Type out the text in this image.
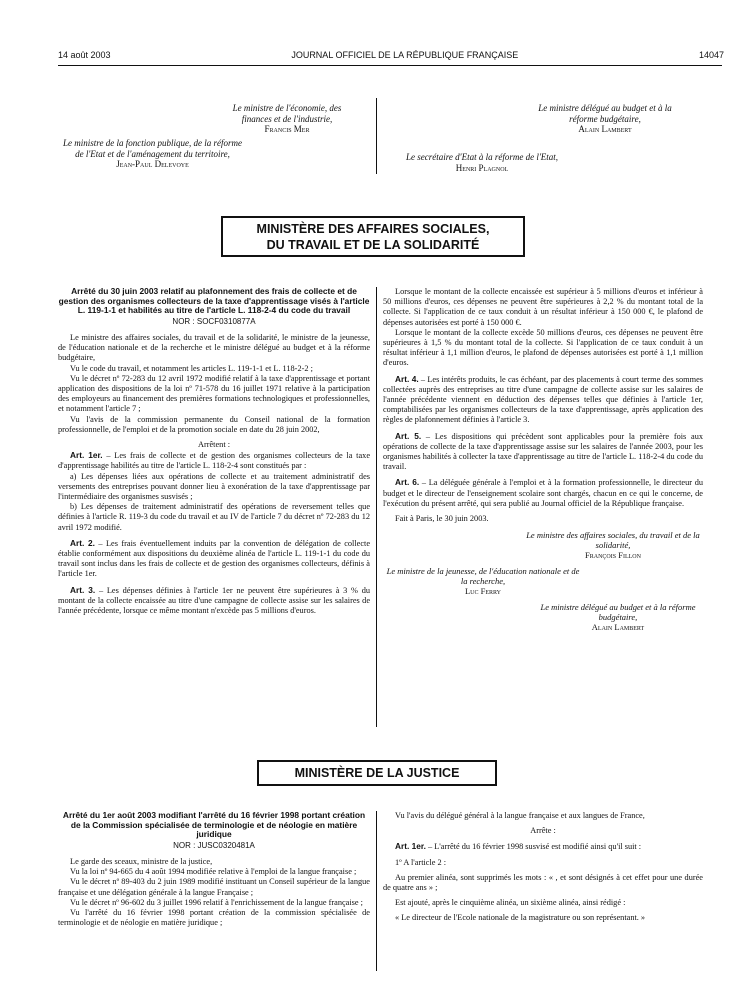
14 août 2003	JOURNAL OFFICIEL DE LA RÉPUBLIQUE FRANÇAISE	14047
Le ministre de l'économie, des finances et de l'industrie,
Francis Mer
Le ministre de la fonction publique, de la réforme de l'Etat et de l'aménagement du territoire,
Jean-Paul Delevoye
Le ministre délégué au budget et à la réforme budgétaire,
Alain Lambert
Le secrétaire d'Etat à la réforme de l'Etat,
Henri Plagnol
MINISTÈRE DES AFFAIRES SOCIALES,
DU TRAVAIL ET DE LA SOLIDARITÉ

Arrêté du 30 juin 2003 relatif au plafonnement des frais de collecte et de gestion des organismes collecteurs de la taxe d'apprentissage visés à l'article L. 119-1-1 et habilités au titre de l'article L. 118-2-4 du code du travail

NOR : SOCF0310877A

Le ministre des affaires sociales, du travail et de la solidarité, le ministre de la jeunesse, de l'éducation nationale et de la recherche et le ministre délégué au budget et à la réforme budgétaire,

Vu le code du travail, et notamment les articles L. 119-1-1 et L. 118-2-2 ;

Vu le décret nº 72-283 du 12 avril 1972 modifié relatif à la taxe d'apprentissage et portant application des dispositions de la loi nº 71-578 du 16 juillet 1971 relative à la participation des employeurs au financement des premières formations technologiques et professionnelles, et notamment l'article 7 ;

Vu l'avis de la commission permanente du Conseil national de la formation professionnelle, de l'emploi et de la promotion sociale en date du 28 juin 2002,

Arrêtent :

Art. 1er. – Les frais de collecte et de gestion des organismes collecteurs de la taxe d'apprentissage habilités au titre de l'article L. 118-2-4 sont constitués par :

a) Les dépenses liées aux opérations de collecte et au traitement administratif des versements des entreprises pouvant donner lieu à exonération de la taxe d'apprentissage par l'intermédiaire des organismes susvisés ;

b) Les dépenses de traitement administratif des opérations de reversement telles que définies à l'article R. 119-3 du code du travail et au IV de l'article 7 du décret nº 72-283 du 12 avril 1972 modifié.

Art. 2. – Les frais éventuellement induits par la convention de délégation de collecte établie conformément aux dispositions du deuxième alinéa de l'article L. 119-1-1 du code du travail sont inclus dans les frais de collecte et de gestion des organismes collecteurs, définis à l'article 1er.

Art. 3. – Les dépenses définies à l'article 1er ne peuvent être supérieures à 3 % du montant de la collecte encaissée au titre d'une campagne de collecte assise sur les salaires de l'année précédente, lorsque ce même montant n'excède pas 5 millions d'euros.

Lorsque le montant de la collecte encaissée est supérieur à 5 millions d'euros et inférieur à 50 millions d'euros, ces dépenses ne peuvent être supérieures à 2,2 % du montant total de la collecte. Si l'application de ce taux conduit à un résultat inférieur à 150 000 €, le plafond de dépenses autorisées est porté à 150 000 €.

Lorsque le montant de la collecte excède 50 millions d'euros, ces dépenses ne peuvent être supérieures à 1,5 % du montant total de la collecte. Si l'application de ce taux conduit à un résultat inférieur à 1,1 million d'euros, le plafond de dépenses autorisées est porté à 1,1 million d'euros.

Art. 4. – Les intérêts produits, le cas échéant, par des placements à court terme des sommes collectées auprès des entreprises au titre d'une campagne de collecte assise sur les salaires de l'année précédente viennent en déduction des dépenses telles que définies à l'article 1er, comptabilisées par les organismes collecteurs de la taxe d'apprentissage, après application des règles de plafonnement définies à l'article 3.

Art. 5. – Les dispositions qui précèdent sont applicables pour la première fois aux opérations de collecte de la taxe d'apprentissage assise sur les salaires de l'année 2003, pour les organismes habilités à collecter la taxe d'apprentissage au titre de l'article L. 118-2-4 du code du travail.

Art. 6. – La déléguée générale à l'emploi et à la formation professionnelle, le directeur du budget et le directeur de l'enseignement scolaire sont chargés, chacun en ce qui le concerne, de l'exécution du présent arrêté, qui sera publié au Journal officiel de la République française.

Fait à Paris, le 30 juin 2003.

Le ministre des affaires sociales, du travail et de la solidarité,
François Fillon
Le ministre de la jeunesse, de l'éducation nationale et de la recherche,
Luc Ferry
Le ministre délégué au budget et à la réforme budgétaire,
Alain Lambert
MINISTÈRE DE LA JUSTICE

Arrêté du 1er août 2003 modifiant l'arrêté du 16 février 1998 portant création de la Commission spécialisée de terminologie et de néologie en matière juridique

NOR : JUSC0320481A

Le garde des sceaux, ministre de la justice,

Vu la loi nº 94-665 du 4 août 1994 modifiée relative à l'emploi de la langue française ;

Vu le décret nº 89-403 du 2 juin 1989 modifié instituant un Conseil supérieur de la langue française et une délégation générale à la langue Française ;

Vu le décret nº 96-602 du 3 juillet 1996 relatif à l'enrichissement de la langue française ;

Vu l'arrêté du 16 février 1998 portant création de la commission spécialisée de terminologie et de néologie en matière juridique ;

Vu l'avis du délégué général à la langue française et aux langues de France,

Arrête :

Art. 1er. – L'arrêté du 16 février 1998 susvisé est modifié ainsi qu'il suit :

1º A l'article 2 :

Au premier alinéa, sont supprimés les mots : « , et sont désignés à cet effet pour une durée de quatre ans » ;

Est ajouté, après le cinquième alinéa, un sixième alinéa, ainsi rédigé :

« Le directeur de l'Ecole nationale de la magistrature ou son représentant. »
